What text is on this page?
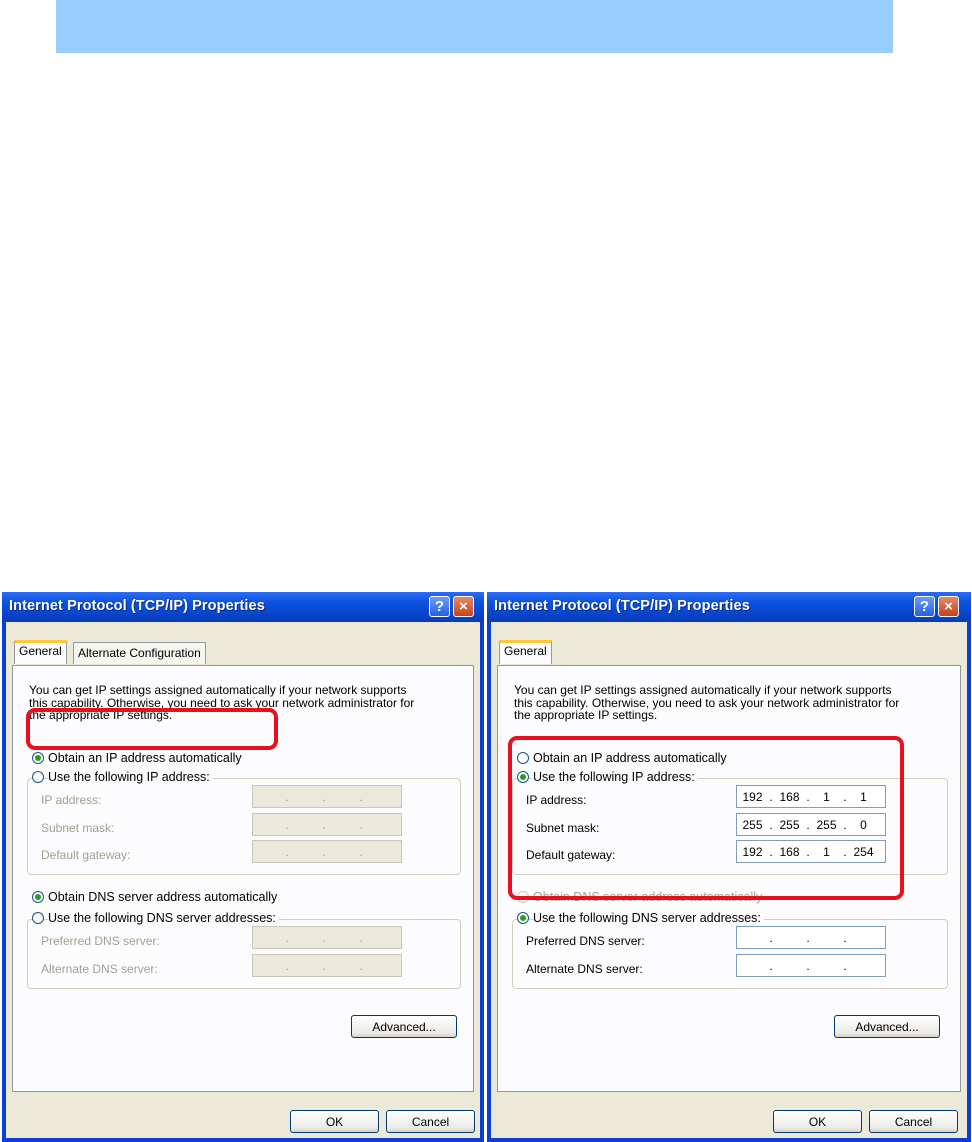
Internet Protocol (TCP/IP) Properties	?	×
General	Alternate Configuration
You can get IP settings assigned automatically if your network supports
this capability. Otherwise, you need to ask your network administrator for
the appropriate IP settings.
Obtain an IP address automatically
Use the following IP address:
IP address:	.	.	.
Subnet mask:	.	.	.
Default gateway:	.	.	.
Obtain DNS server address automatically
Use the following DNS server addresses:
Preferred DNS server:	.	.	.
Alternate DNS server:	.	.	.
Advanced...
OK	Cancel
Internet Protocol (TCP/IP) Properties	?	×
General
You can get IP settings assigned automatically if your network supports
this capability. Otherwise, you need to ask your network administrator for
the appropriate IP settings.
Obtain an IP address automatically
Use the following IP address:
IP address:	192 . 168 .	1	.	1
Subnet mask:	255 . 255 . 255 .	0
Default gateway:	192 . 168 .	1	. 254
Obtain DNS server address automatically
Use the following DNS server addresses:
Preferred DNS server:	.	.	.
Alternate DNS server:	.	.	.
Advanced...
OK	Cancel
